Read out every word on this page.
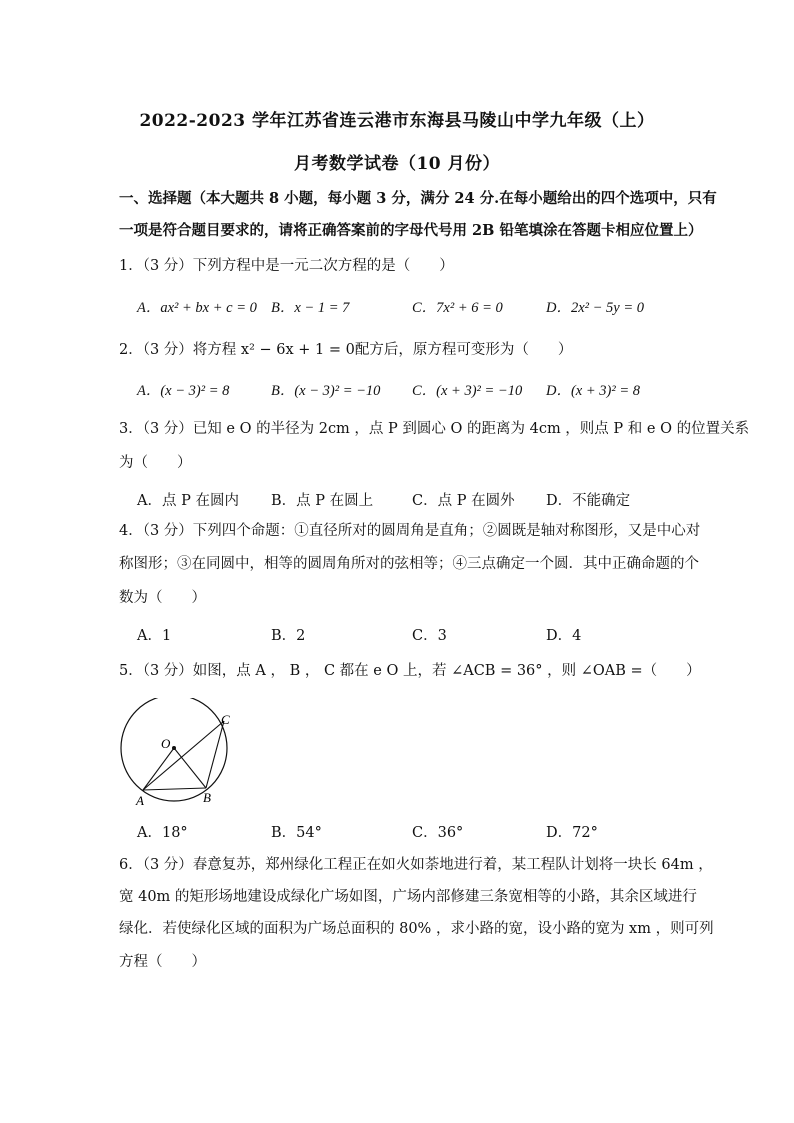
2022-2023 学年江苏省连云港市东海县马陵山中学九年级（上）
月考数学试卷（10 月份）
一、选择题（本大题共 8 小题，每小题 3 分，满分 24 分.在每小题给出的四个选项中，只有
一项是符合题目要求的，请将正确答案前的字母代号用 2B 铅笔填涂在答题卡相应位置上）
1．（3 分）下列方程中是一元二次方程的是（　　）
A．ax² + bx + c = 0 B．x − 1 = 7	C．7x² + 6 = 0	D．2x² − 5y = 0
2．（3 分）将方程 x² − 6x + 1 = 0配方后，原方程可变形为（　　）
A．(x − 3)² = 8	B．(x − 3)² = −10 C．(x + 3)² = −10 D．(x + 3)² = 8
3．（3 分）已知 e O 的半径为 2cm ，点 P 到圆心 O 的距离为 4cm ，则点 P 和 e O 的位置关系
为（　　）
A．点 P 在圆内 B．点 P 在圆上	C．点 P 在圆外 D．不能确定
4．（3 分）下列四个命题：①直径所对的圆周角是直角；②圆既是轴对称图形，又是中心对
称图形；③在同圆中，相等的圆周角所对的弦相等；④三点确定一个圆．其中正确命题的个
数为（　　）
A．1	B．2	C．3	D．4
5．（3 分）如图，点 A ， B ， C 都在 e O 上，若 ∠ACB = 36° ，则 ∠OAB =（　　）
O
C
A	B
A．18°	B．54°	C．36°	D．72°
6．（3 分）春意复苏，郑州绿化工程正在如火如荼地进行着，某工程队计划将一块长 64m ，
宽 40m 的矩形场地建设成绿化广场如图，广场内部修建三条宽相等的小路，其余区域进行
绿化．若使绿化区域的面积为广场总面积的 80% ，求小路的宽，设小路的宽为 xm ，则可列
方程（　　）
